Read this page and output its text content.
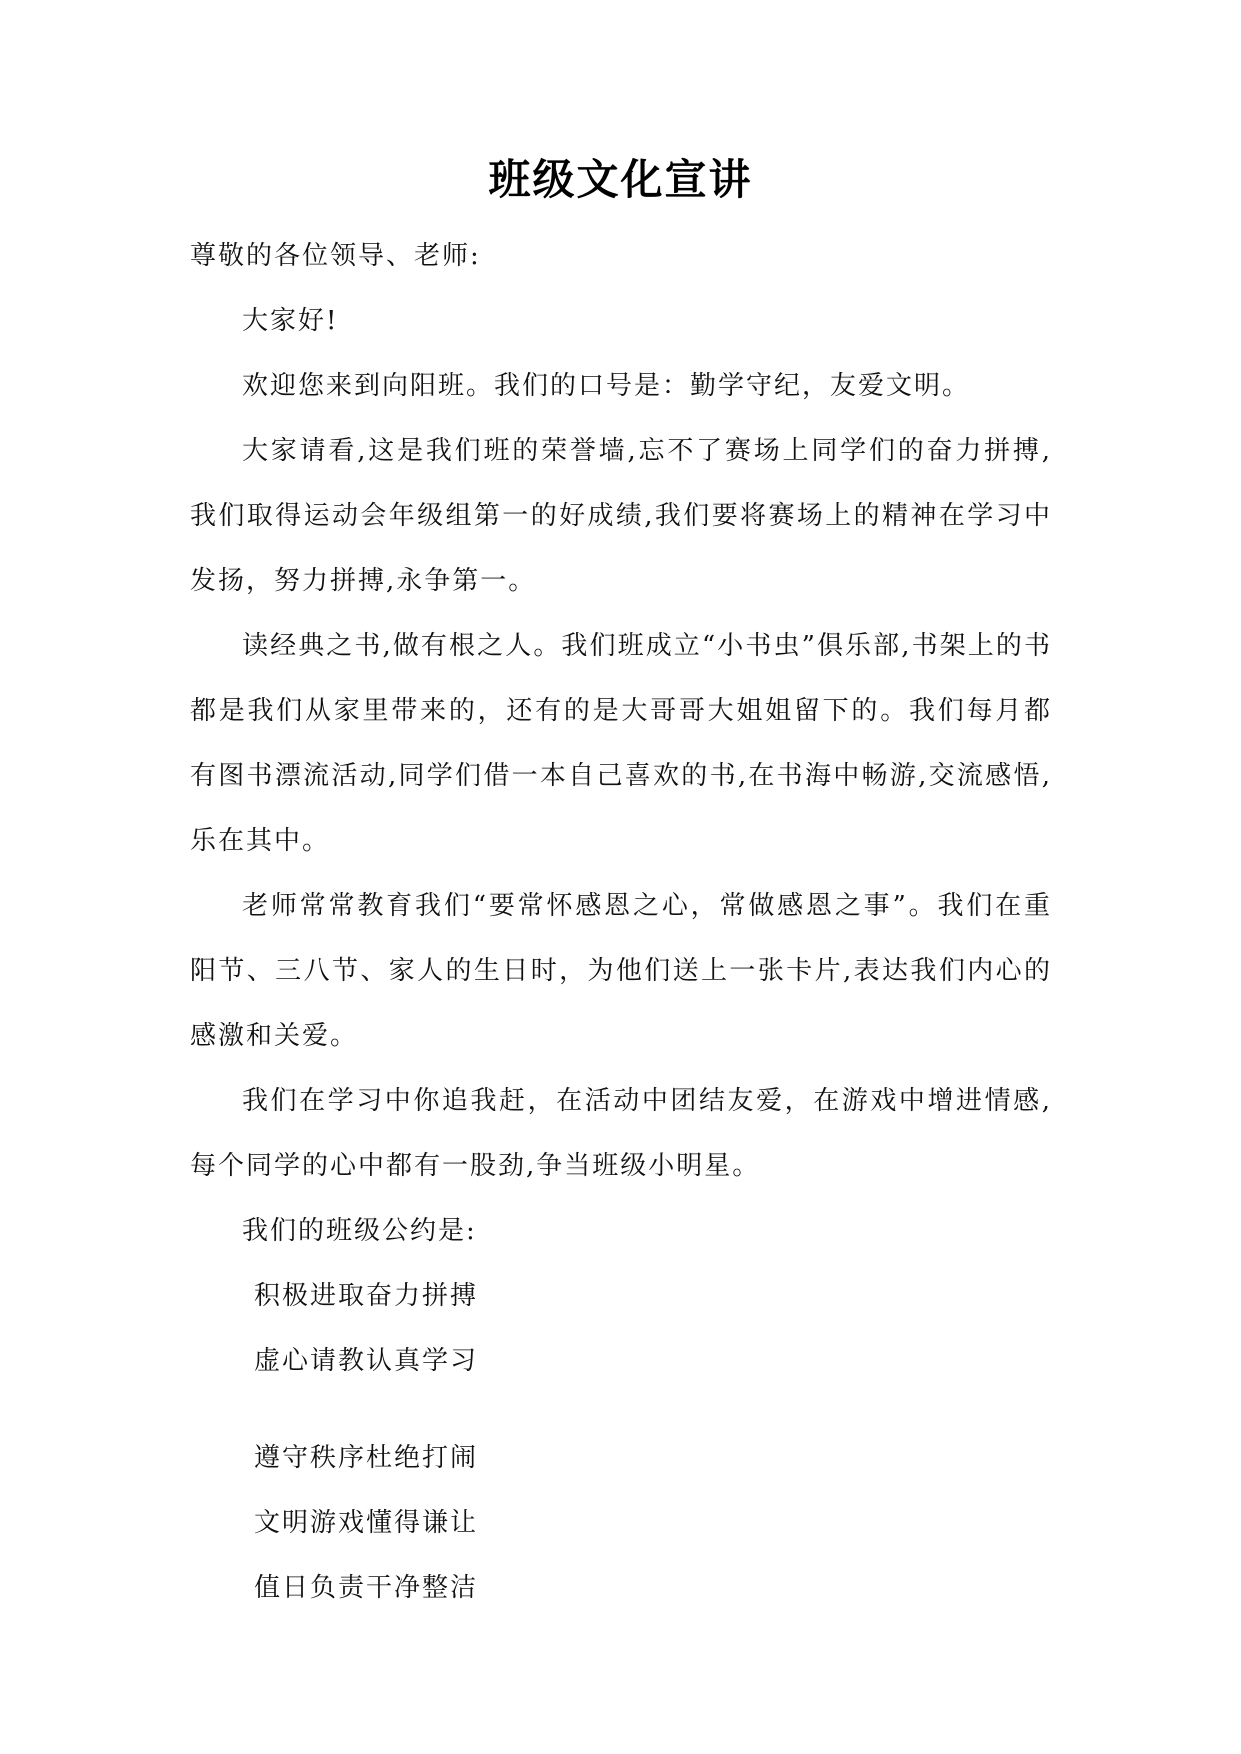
班级文化宣讲

尊敬的各位领导、老师:

大家好!

欢迎您来到向阳班。我们的口号是：勤学守纪，友爱文明。

大家请看,这是我们班的荣誉墙,忘不了赛场上同学们的奋力拼搏,我们取得运动会年级组第一的好成绩,我们要将赛场上的精神在学习中发扬，努力拼搏,永争第一。

读经典之书,做有根之人。我们班成立“小书虫”俱乐部,书架上的书都是我们从家里带来的，还有的是大哥哥大姐姐留下的。我们每月都有图书漂流活动,同学们借一本自己喜欢的书,在书海中畅游,交流感悟,乐在其中。

老师常常教育我们“要常怀感恩之心，常做感恩之事”。我们在重阳节、三八节、家人的生日时，为他们送上一张卡片,表达我们内心的感激和关爱。

我们在学习中你追我赶，在活动中团结友爱，在游戏中增进情感,每个同学的心中都有一股劲,争当班级小明星。

我们的班级公约是:

积极进取奋力拼搏

虚心请教认真学习

遵守秩序杜绝打闹

文明游戏懂得谦让

值日负责干净整洁
